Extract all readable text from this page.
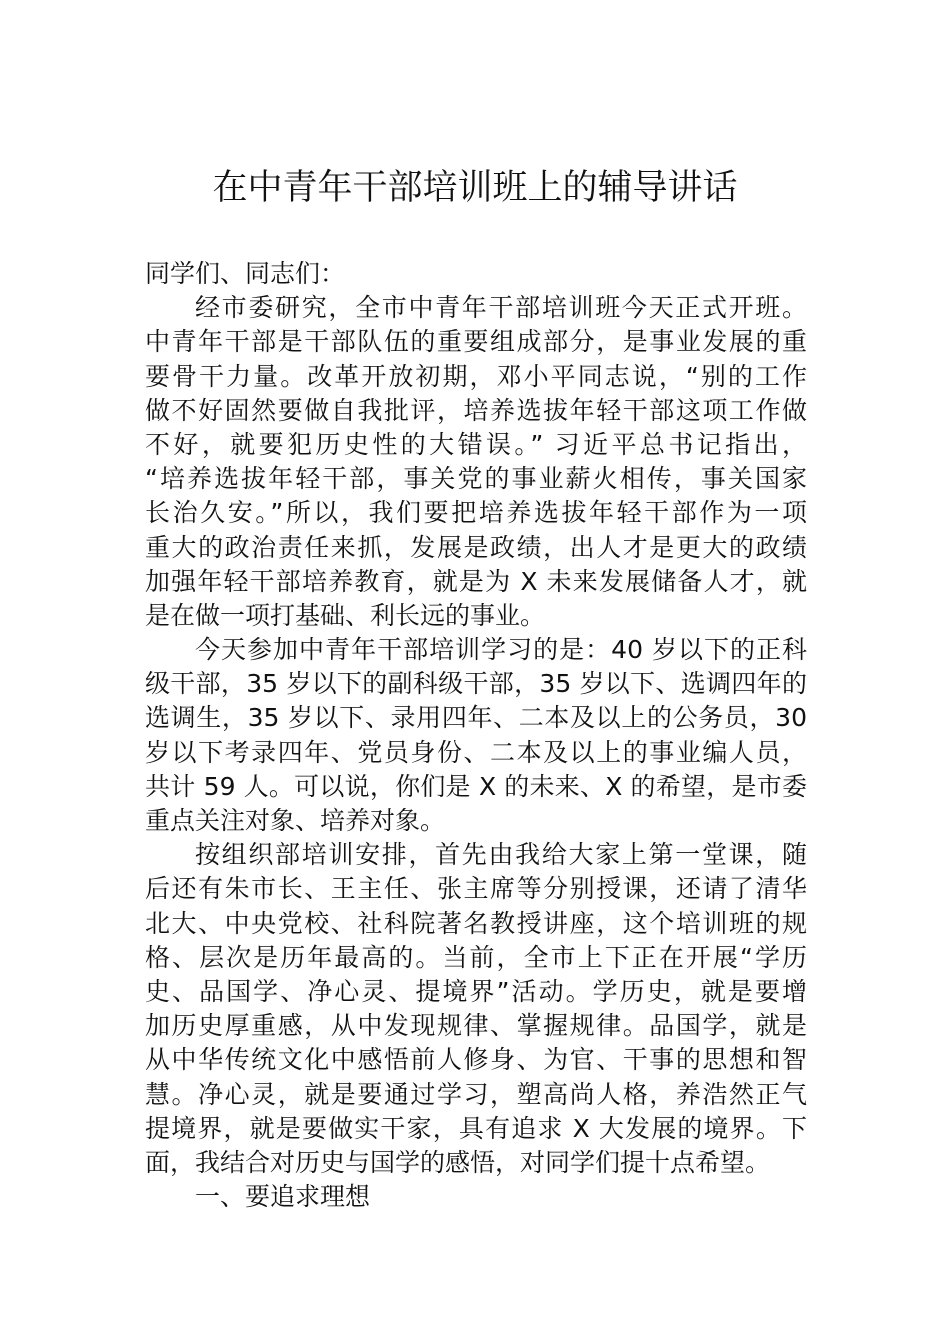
在中青年干部培训班上的辅导讲话
同学们、同志们：
经市委研究，全市中青年干部培训班今天正式开班。
中青年干部是干部队伍的重要组成部分，是事业发展的重
要骨干力量。改革开放初期，邓小平同志说，“别的工作
做不好固然要做自我批评，培养选拔年轻干部这项工作做
不好，就要犯历史性的大错误。” 习近平总书记指出，
“培养选拔年轻干部，事关党的事业薪火相传，事关国家
长治久安。”所以，我们要把培养选拔年轻干部作为一项
重大的政治责任来抓，发展是政绩，出人才是更大的政绩
加强年轻干部培养教育，就是为 X 未来发展储备人才，就
是在做一项打基础、利长远的事业。
今天参加中青年干部培训学习的是：40 岁以下的正科
级干部，35 岁以下的副科级干部，35 岁以下、选调四年的
选调生，35 岁以下、录用四年、二本及以上的公务员，30
岁以下考录四年、党员身份、二本及以上的事业编人员，
共计 59 人。可以说，你们是 X 的未来、X 的希望，是市委
重点关注对象、培养对象。
按组织部培训安排，首先由我给大家上第一堂课，随
后还有朱市长、王主任、张主席等分别授课，还请了清华
北大、中央党校、社科院著名教授讲座，这个培训班的规
格、层次是历年最高的。当前，全市上下正在开展“学历
史、品国学、净心灵、提境界”活动。学历史，就是要增
加历史厚重感，从中发现规律、掌握规律。品国学，就是
从中华传统文化中感悟前人修身、为官、干事的思想和智
慧。净心灵，就是要通过学习，塑高尚人格，养浩然正气
提境界，就是要做实干家，具有追求 X 大发展的境界。下
面，我结合对历史与国学的感悟，对同学们提十点希望。
一、要追求理想
